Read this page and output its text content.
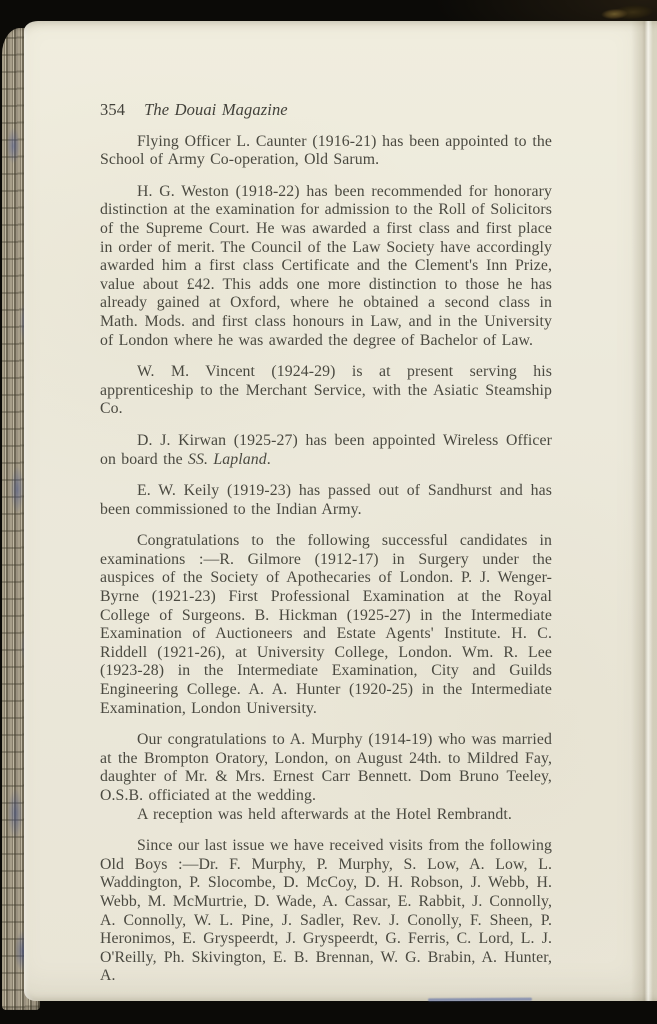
354 The Douai Magazine

Flying Officer L. Caunter (1916-21) has been appointed to the School of Army Co-operation, Old Sarum.

H. G. Weston (1918-22) has been recommended for honorary distinction at the examination for admission to the Roll of Solicitors of the Supreme Court. He was awarded a first class and first place in order of merit. The Council of the Law Society have accordingly awarded him a first class Certificate and the Clement's Inn Prize, value about £42. This adds one more distinction to those he has already gained at Oxford, where he obtained a second class in Math. Mods. and first class honours in Law, and in the University of London where he was awarded the degree of Bachelor of Law.

W. M. Vincent (1924-29) is at present serving his apprenticeship to the Merchant Service, with the Asiatic Steamship Co.

D. J. Kirwan (1925-27) has been appointed Wireless Officer on board the SS. Lapland.

E. W. Keily (1919-23) has passed out of Sandhurst and has been commissioned to the Indian Army.

Congratulations to the following successful candidates in examinations :—R. Gilmore (1912-17) in Surgery under the auspices of the Society of Apothecaries of London. P. J. Wenger-Byrne (1921-23) First Professional Examination at the Royal College of Surgeons. B. Hickman (1925-27) in the Intermediate Examination of Auctioneers and Estate Agents' Institute. H. C. Riddell (1921-26), at University College, London. Wm. R. Lee (1923-28) in the Intermediate Examination, City and Guilds Engineering College. A. A. Hunter (1920-25) in the Intermediate Examination, London University.

Our congratulations to A. Murphy (1914-19) who was married at the Brompton Oratory, London, on August 24th. to Mildred Fay, daughter of Mr. & Mrs. Ernest Carr Bennett. Dom Bruno Teeley, O.S.B. officiated at the wedding.

A reception was held afterwards at the Hotel Rembrandt.

Since our last issue we have received visits from the following Old Boys :—Dr. F. Murphy, P. Murphy, S. Low, A. Low, L. Waddington, P. Slocombe, D. McCoy, D. H. Robson, J. Webb, H. Webb, M. McMurtrie, D. Wade, A. Cassar, E. Rabbit, J. Connolly, A. Connolly, W. L. Pine, J. Sadler, Rev. J. Conolly, F. Sheen, P. Heronimos, E. Gryspeerdt, J. Gryspeerdt, G. Ferris, C. Lord, L. J. O'Reilly, Ph. Skivington, E. B. Brennan, W. G. Brabin, A. Hunter, A.
